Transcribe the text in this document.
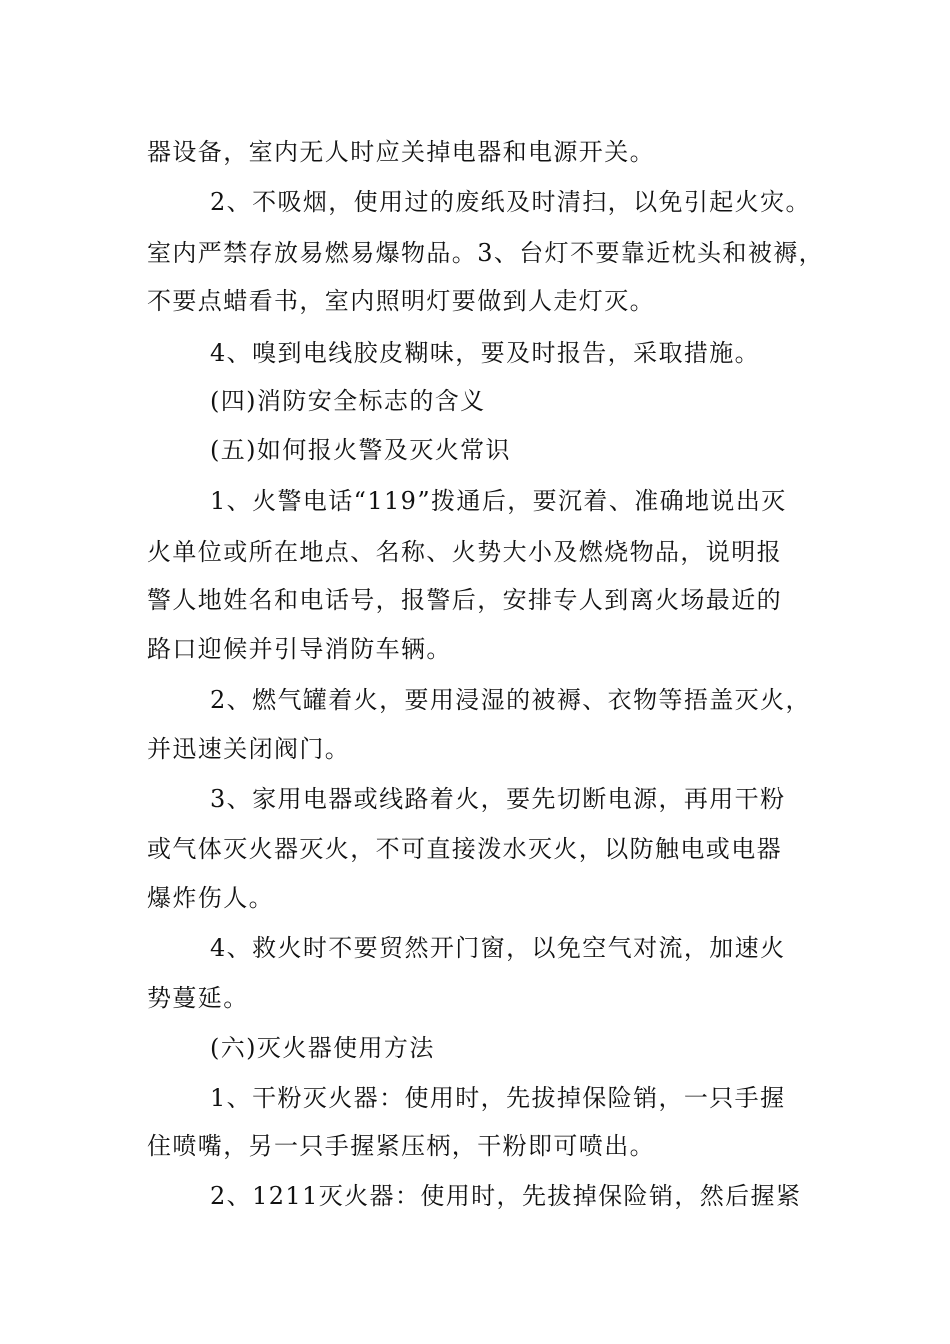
器设备，室内无人时应关掉电器和电源开关。
2、不吸烟，使用过的废纸及时清扫，以免引起火灾。
室内严禁存放易燃易爆物品。3、台灯不要靠近枕头和被褥，
不要点蜡看书，室内照明灯要做到人走灯灭。
4、嗅到电线胶皮糊味，要及时报告，采取措施。
(四)消防安全标志的含义
(五)如何报火警及灭火常识
1、火警电话“119”拨通后，要沉着、准确地说出灭
火单位或所在地点、名称、火势大小及燃烧物品，说明报
警人地姓名和电话号，报警后，安排专人到离火场最近的
路口迎候并引导消防车辆。
2、燃气罐着火，要用浸湿的被褥、衣物等捂盖灭火，
并迅速关闭阀门。
3、家用电器或线路着火，要先切断电源，再用干粉
或气体灭火器灭火，不可直接泼水灭火，以防触电或电器
爆炸伤人。
4、救火时不要贸然开门窗，以免空气对流，加速火
势蔓延。
(六)灭火器使用方法
1、干粉灭火器：使用时，先拔掉保险销，一只手握
住喷嘴，另一只手握紧压柄，干粉即可喷出。
2、1211灭火器：使用时，先拔掉保险销，然后握紧
